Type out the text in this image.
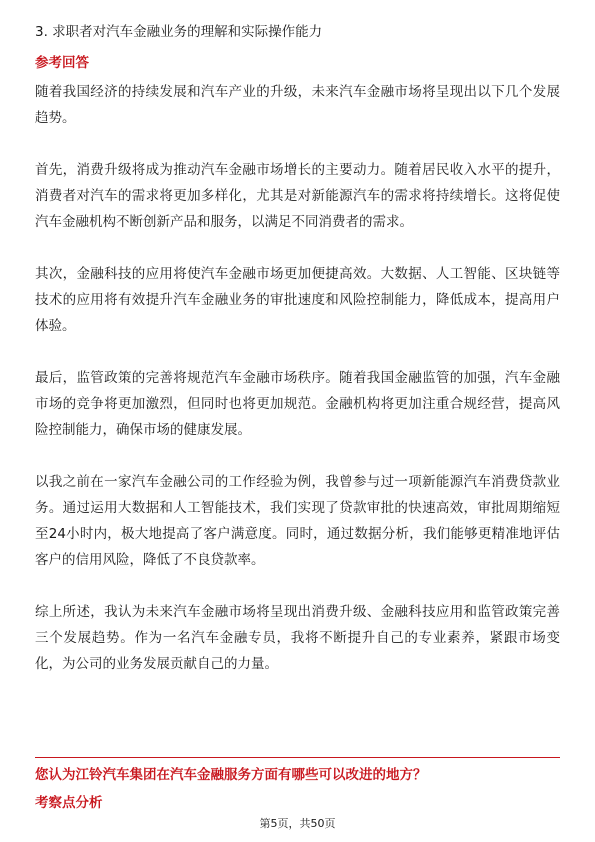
3. 求职者对汽车金融业务的理解和实际操作能力
参考回答

随着我国经济的持续发展和汽车产业的升级，未来汽车金融市场将呈现出以下几个发展趋势。

首先，消费升级将成为推动汽车金融市场增长的主要动力。随着居民收入水平的提升，消费者对汽车的需求将更加多样化，尤其是对新能源汽车的需求将持续增长。这将促使汽车金融机构不断创新产品和服务，以满足不同消费者的需求。

其次，金融科技的应用将使汽车金融市场更加便捷高效。大数据、人工智能、区块链等技术的应用将有效提升汽车金融业务的审批速度和风险控制能力，降低成本，提高用户体验。

最后，监管政策的完善将规范汽车金融市场秩序。随着我国金融监管的加强，汽车金融市场的竞争将更加激烈，但同时也将更加规范。金融机构将更加注重合规经营，提高风险控制能力，确保市场的健康发展。

以我之前在一家汽车金融公司的工作经验为例，我曾参与过一项新能源汽车消费贷款业务。通过运用大数据和人工智能技术，我们实现了贷款审批的快速高效，审批周期缩短至24小时内，极大地提高了客户满意度。同时，通过数据分析，我们能够更精准地评估客户的信用风险，降低了不良贷款率。

综上所述，我认为未来汽车金融市场将呈现出消费升级、金融科技应用和监管政策完善三个发展趋势。作为一名汽车金融专员，我将不断提升自己的专业素养，紧跟市场变化，为公司的业务发展贡献自己的力量。

您认为江铃汽车集团在汽车金融服务方面有哪些可以改进的地方？
考察点分析
第5页，共50页
